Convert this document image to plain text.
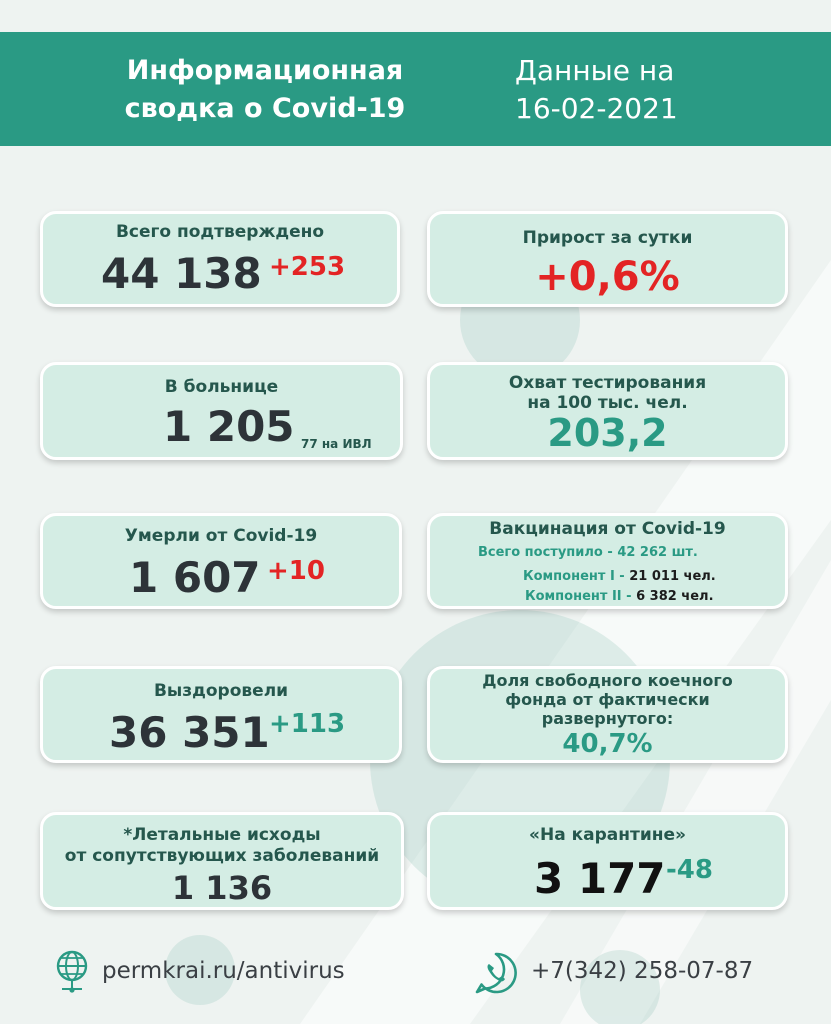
Информационная
сводка о Covid-19
Данные на
16-02-2021
Всего подтверждено
44 138 +253
Прирост за сутки
+0,6%
В больнице
1 205 77 на ИВЛ
Охват тестирования
на 100 тыс. чел.
203,2
Умерли от Covid-19
1 607 +10
Вакцинация от Covid-19
Всего поступило - 42 262 шт.
Компонент I - 21 011 чел.
Компонент II - 6 382 чел.
Выздоровели
36 351 +113
Доля свободного коечного
фонда от фактически
развернутого:
40,7%
*Летальные исходы
от сопутствующих заболеваний
1 136
«На карантине»
3 177 -48
permkrai.ru/antivirus	+7(342) 258-07-87
